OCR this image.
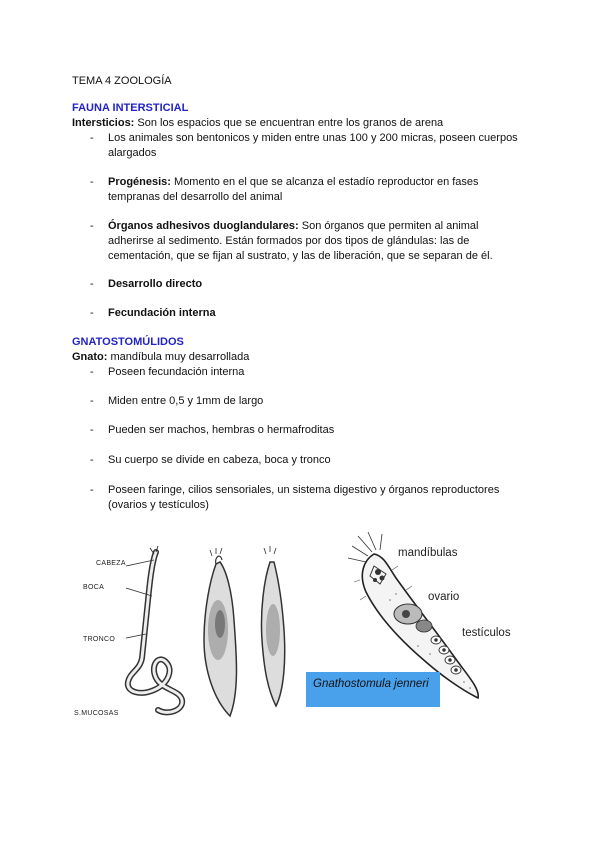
TEMA 4 ZOOLOGÍA
FAUNA INTERSTICIAL
Intersticios: Son los espacios que se encuentran entre los granos de arena
- Los animales son bentonicos y miden entre unas 100 y 200 micras, poseen cuerpos
alargados
- Progénesis: Momento en el que se alcanza el estadío reproductor en fases
tempranas del desarrollo del animal
- Órganos adhesivos duoglandulares: Son órganos que permiten al animal
adherirse al sedimento. Están formados por dos tipos de glándulas: las de
cementación, que se fijan al sustrato, y las de liberación, que se separan de él.
- Desarrollo directo
- Fecundación interna
GNATOSTOMÚLIDOS
Gnato: mandíbula muy desarrollada
- Poseen fecundación interna
- Miden entre 0,5 y 1mm de largo
- Pueden ser machos, hembras o hermafroditas
- Su cuerpo se divide en cabeza, boca y tronco
- Poseen faringe, cilios sensoriales, un sistema digestivo y órganos reproductores
(ovarios y testículos)
CABEZA
BOCA
TRONCO
S.MUCOSAS
mandíbulas
ovario
testículos
Gnathostomula jenneri
